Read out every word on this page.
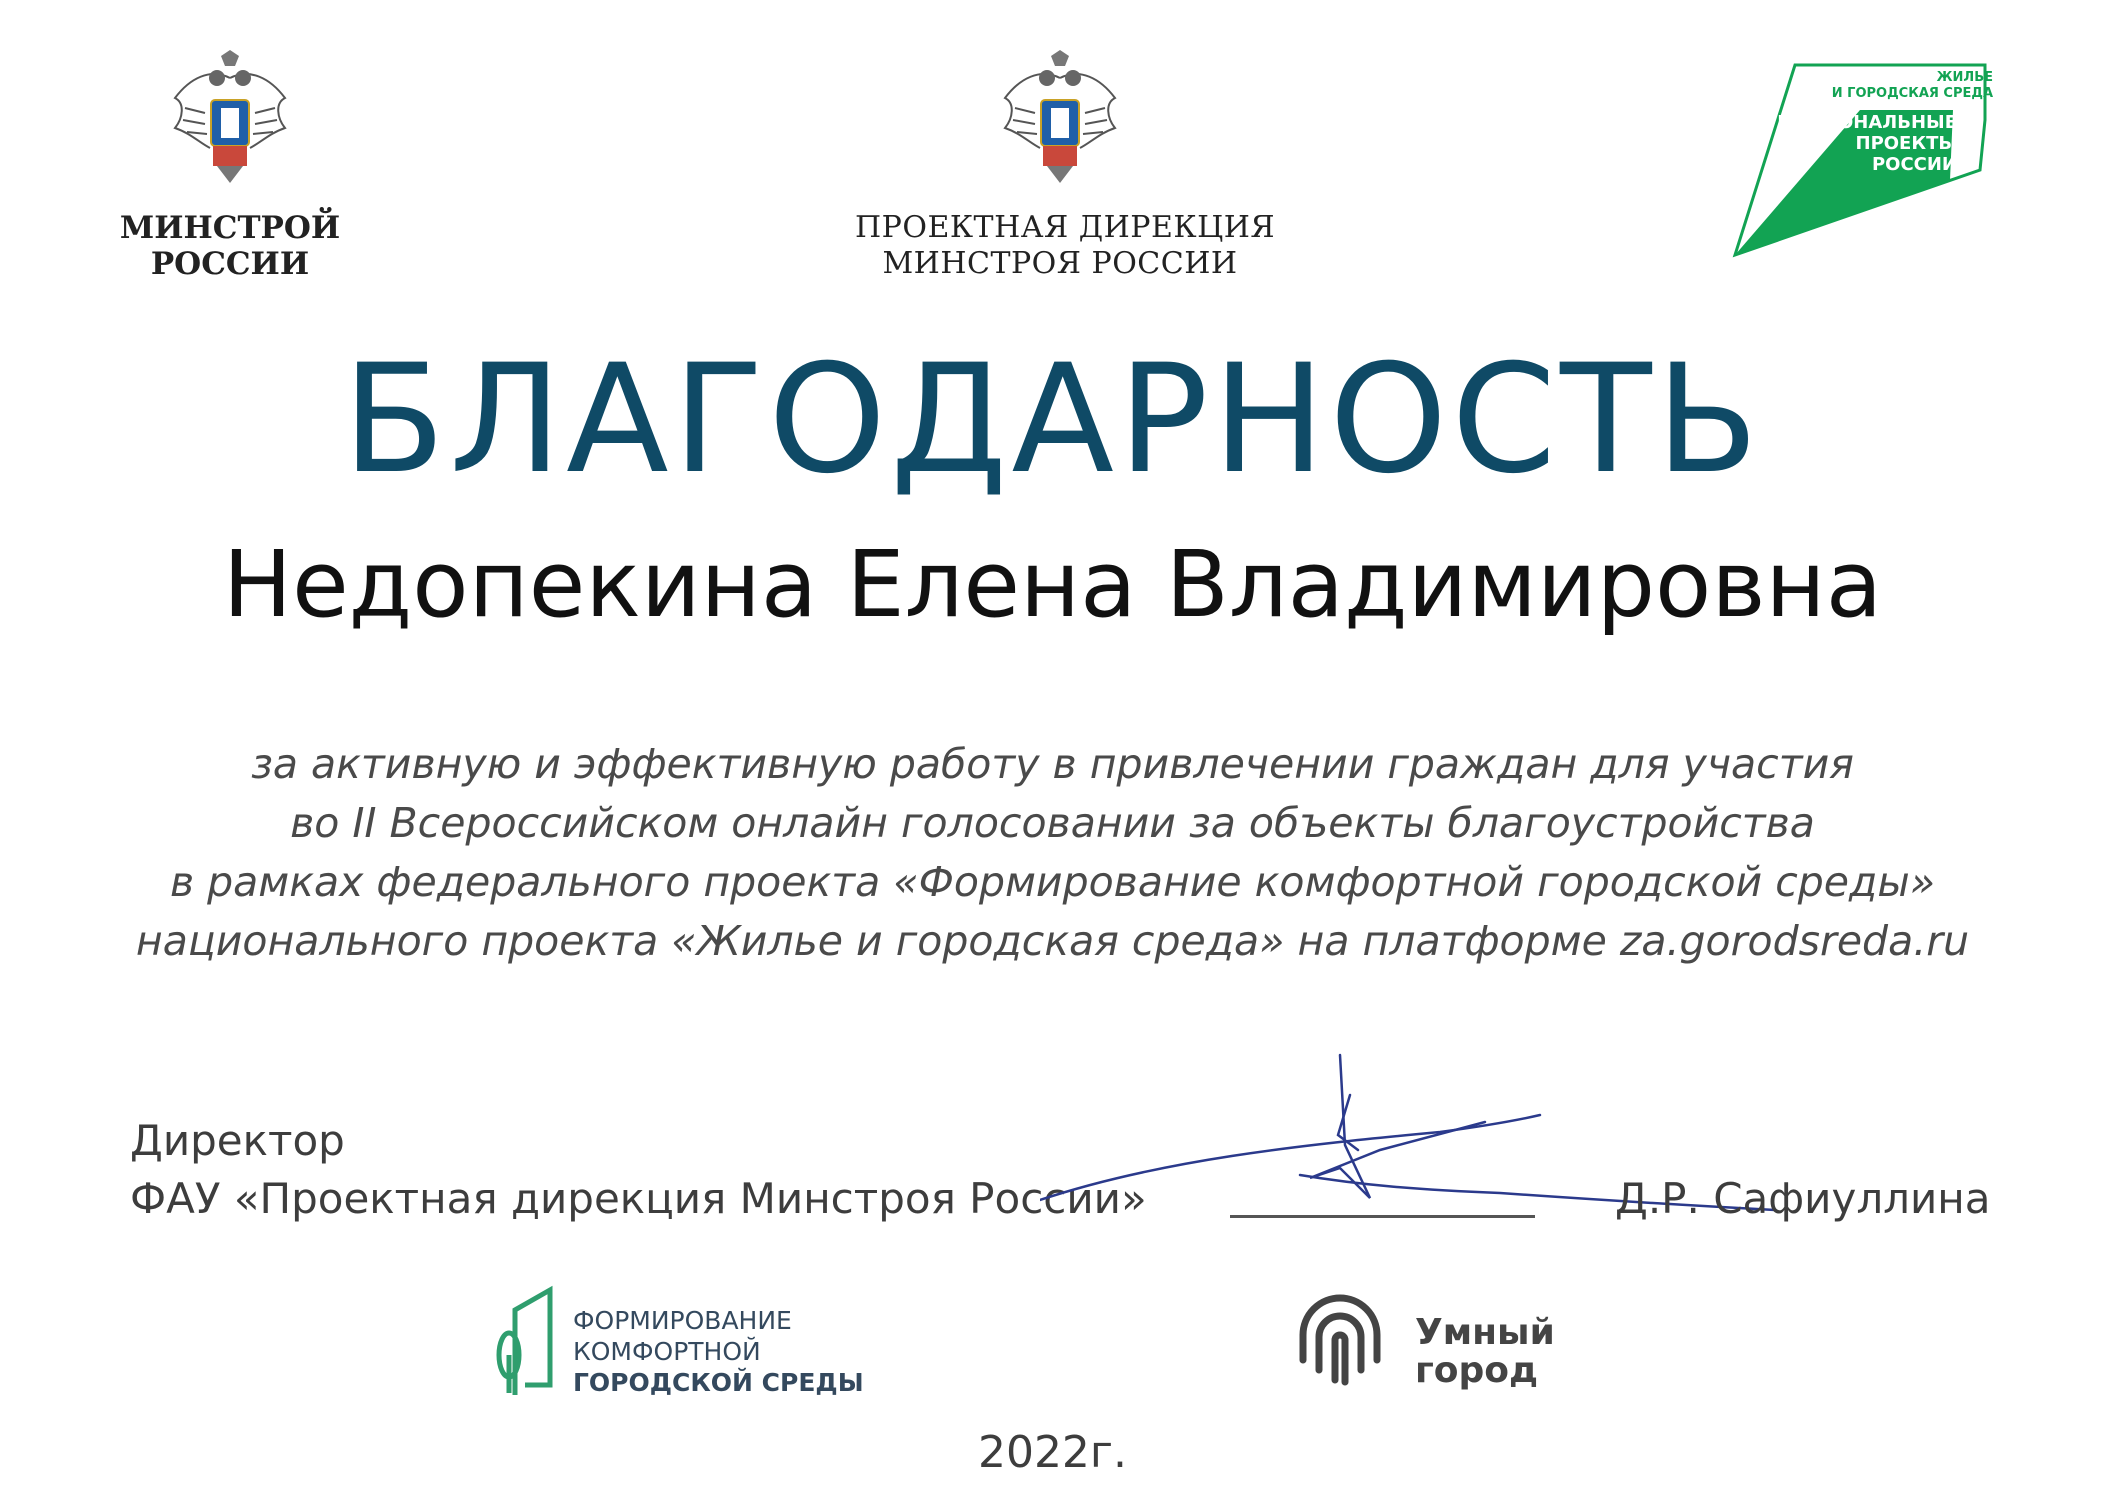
МИНСТРОЙ
РОССИИ
ПРОЕКТНАЯ ДИРЕКЦИЯ
МИНСТРОЯ РОССИИ
ЖИЛЬЕ
И ГОРОДСКАЯ СРЕДА
НАЦИОНАЛЬНЫЕ
ПРОЕКТЫ
РОССИИ
БЛАГОДАРНОСТЬ
Недопекина Елена Владимировна
за активную и эффективную работу в привлечении граждан для участия
во II Всероссийском онлайн голосовании за объекты благоустройства
в рамках федерального проекта «Формирование комфортной городской среды»
национального проекта «Жилье и городская среда» на платформе za.gorodsreda.ru
Директор
ФАУ «Проектная дирекция Минстроя России»	Д.Р. Сафиуллина
ФОРМИРОВАНИЕ
КОМФОРТНОЙ
ГОРОДСКОЙ СРЕДЫ
Умный
город
2022г.
